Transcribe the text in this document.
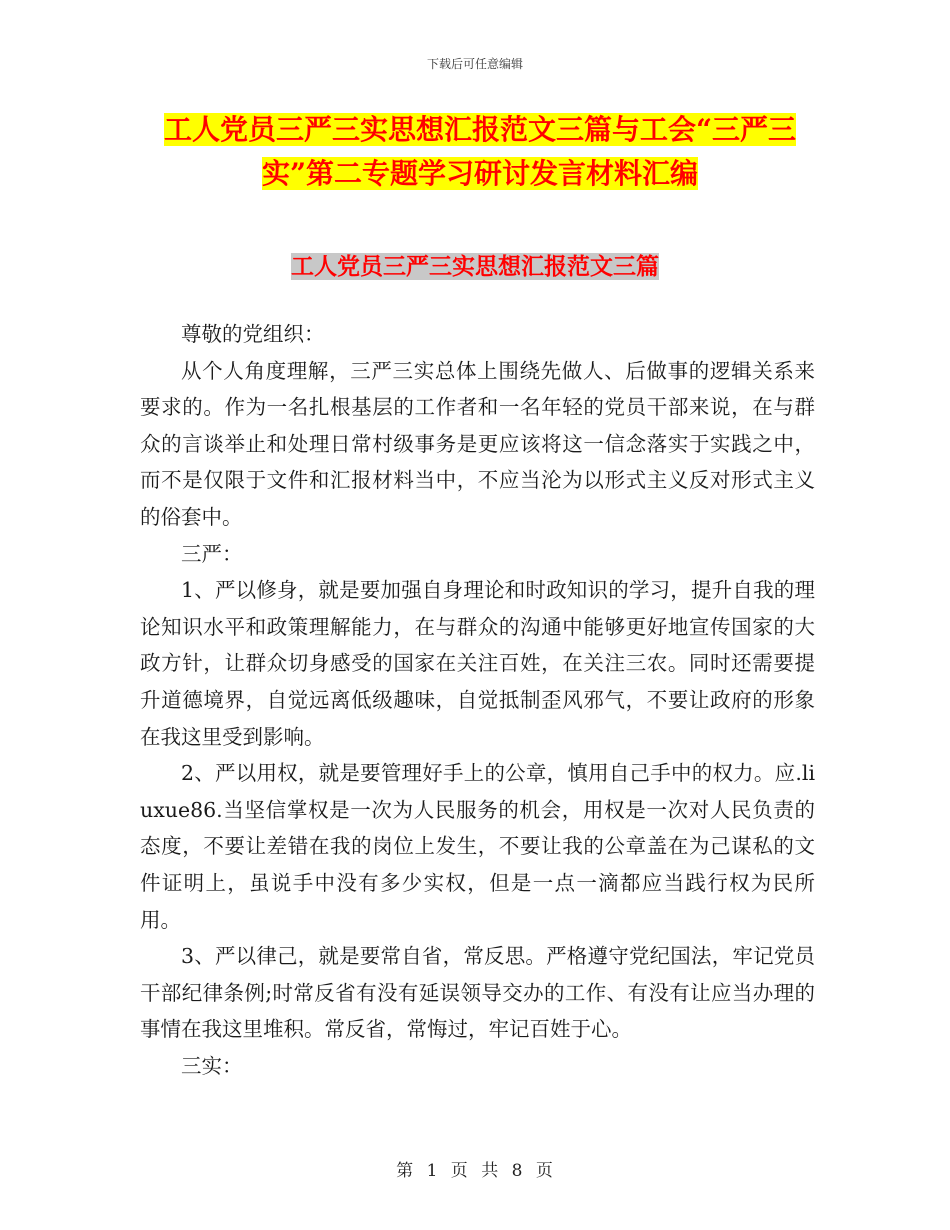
下载后可任意编辑
工人党员三严三实思想汇报范文三篇与工会“三严三
实”第二专题学习研讨发言材料汇编
工人党员三严三实思想汇报范文三篇

尊敬的党组织：

从个人角度理解，三严三实总体上围绕先做人、后做事的逻辑关系来要求的。作为一名扎根基层的工作者和一名年轻的党员干部来说，在与群众的言谈举止和处理日常村级事务是更应该将这一信念落实于实践之中，而不是仅限于文件和汇报材料当中，不应当沦为以形式主义反对形式主义的俗套中。

三严：

1、严以修身，就是要加强自身理论和时政知识的学习，提升自我的理论知识水平和政策理解能力，在与群众的沟通中能够更好地宣传国家的大政方针，让群众切身感受的国家在关注百姓，在关注三农。同时还需要提升道德境界，自觉远离低级趣味，自觉抵制歪风邪气，不要让政府的形象在我这里受到影响。

2、严以用权，就是要管理好手上的公章，慎用自己手中的权力。应.liuxue86.当坚信掌权是一次为人民服务的机会，用权是一次对人民负责的态度，不要让差错在我的岗位上发生，不要让我的公章盖在为己谋私的文件证明上，虽说手中没有多少实权，但是一点一滴都应当践行权为民所用。

3、严以律己，就是要常自省，常反思。严格遵守党纪国法，牢记党员干部纪律条例;时常反省有没有延误领导交办的工作、有没有让应当办理的事情在我这里堆积。常反省，常悔过，牢记百姓于心。

三实：

第 1 页 共 8 页
